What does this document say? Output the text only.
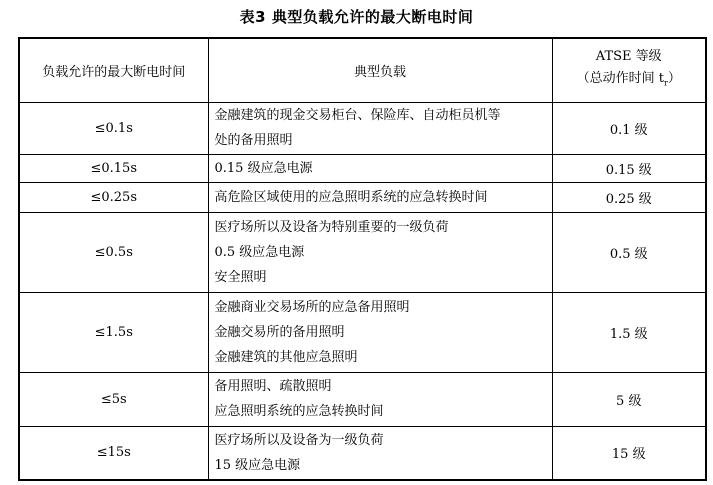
表3 典型负载允许的最大断电时间
负载允许的最大断电时间	典型负载	ATSE 等级
（总动作时间 $t_r$）

≤0.1s	金融建筑的现金交易柜台、保险库、自动柜员机等
处的备用照明	0.1 级
≤0.15s	0.15 级应急电源	0.15 级
≤0.25s	高危险区域使用的应急照明系统的应急转换时间	0.25 级
≤0.5s	医疗场所以及设备为特别重要的一级负荷
0.5 级应急电源
安全照明	0.5 级
≤1.5s	金融商业交易场所的应急备用照明
金融交易所的备用照明
金融建筑的其他应急照明	1.5 级
≤5s	备用照明、疏散照明
应急照明系统的应急转换时间	5 级
≤15s	医疗场所以及设备为一级负荷
15 级应急电源	15 级
